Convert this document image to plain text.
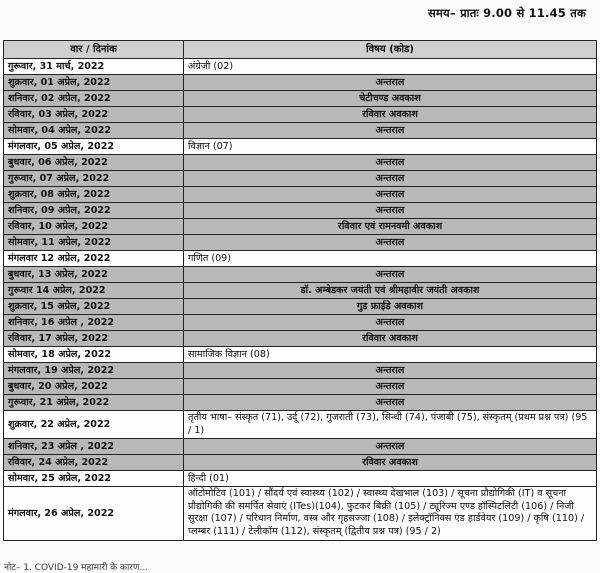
समय– प्रातः 9.00 से 11.45 तक
वार / दिनांक	विषय (कोड)
गुरूवार, 31 मार्च, 2022	अंग्रेजी (02)
शुक्रवार, 01 अप्रेल, 2022	अन्तराल
शनिवार, 02 अप्रेल, 2022	चेटीचण्ड अवकाश
रविवार, 03 अप्रेल, 2022	रविवार अवकाश
सोमवार, 04 अप्रेल, 2022	अन्तराल
मंगलवार, 05 अप्रेल, 2022	विज्ञान (07)
बुधवार, 06 अप्रेल, 2022	अन्तराल
गुरूवार, 07 अप्रेल, 2022	अन्तराल
शुक्रवार, 08 अप्रेल, 2022	अन्तराल
शनिवार, 09 अप्रेल, 2022	अन्तराल
रविवार, 10 अप्रेल, 2022	रविवार एवं रामनवमी अवकाश
सोमवार, 11 अप्रेल, 2022	अन्तराल
मंगलवार 12 अप्रेल, 2022	गणित (09)
बुधवार, 13 अप्रेल, 2022	अन्तराल
गुरूवार 14 अप्रेल, 2022	डॉ. अम्बेडकर जयंती एवं श्रीमहावीर जयंती अवकाश
शुक्रवार, 15 अप्रेल, 2022	गुड फ्राईडे अवकाश
शनिवार, 16 अप्रेल , 2022	अन्तराल
रविवार, 17 अप्रेल, 2022	रविवार अवकाश
सोमवार, 18 अप्रेल, 2022	सामाजिक विज्ञान (08)
मंगलवार, 19 अप्रेल, 2022	अन्तराल
बुधवार, 20 अप्रेल, 2022	अन्तराल
गुरूवार, 21 अप्रेल, 2022	अन्तराल
शुक्रवार, 22 अप्रेल, 2022	तृतीय भाषा– संस्कृत (71), उर्दू (72), गुजराती (73), सिन्धी (74), पंजाबी (75), संस्कृतम् (प्रथम प्रश्न पत्र) (95 / 1)
शनिवार, 23 अप्रेल , 2022	अन्तराल
रविवार, 24 अप्रेल, 2022	रविवार अवकाश
सोमवार, 25 अप्रेल, 2022	हिन्दी (01)
मंगलवार, 26 अप्रेल, 2022	ऑटोमोटिव (101) / सौंदर्य एवं स्वास्थ्य (102) / स्वास्थ्य देखभाल (103) / सूचना प्रौद्योगिकी (IT) व सूचना प्रौद्योगिकी की समर्पित सेवाएं (ITes)(104), फुटकर बिक्री (105) / ट्यूरिज्म एण्ड हॉस्पिटलिटी (106) / निजी सुरक्षा (107) / परिधान निर्माण, वस्त्र और गृहसज्जा (108) / इलेक्ट्रॉनिक्स एंड हार्डवेयर (109) / कृषि (110) / प्लम्बर (111) / टेलीकॉम (112), संस्कृतम् (द्वितीय प्रश्न पत्र) (95 / 2)
नोट– 1. COVID-19 महामारी के कारण...
